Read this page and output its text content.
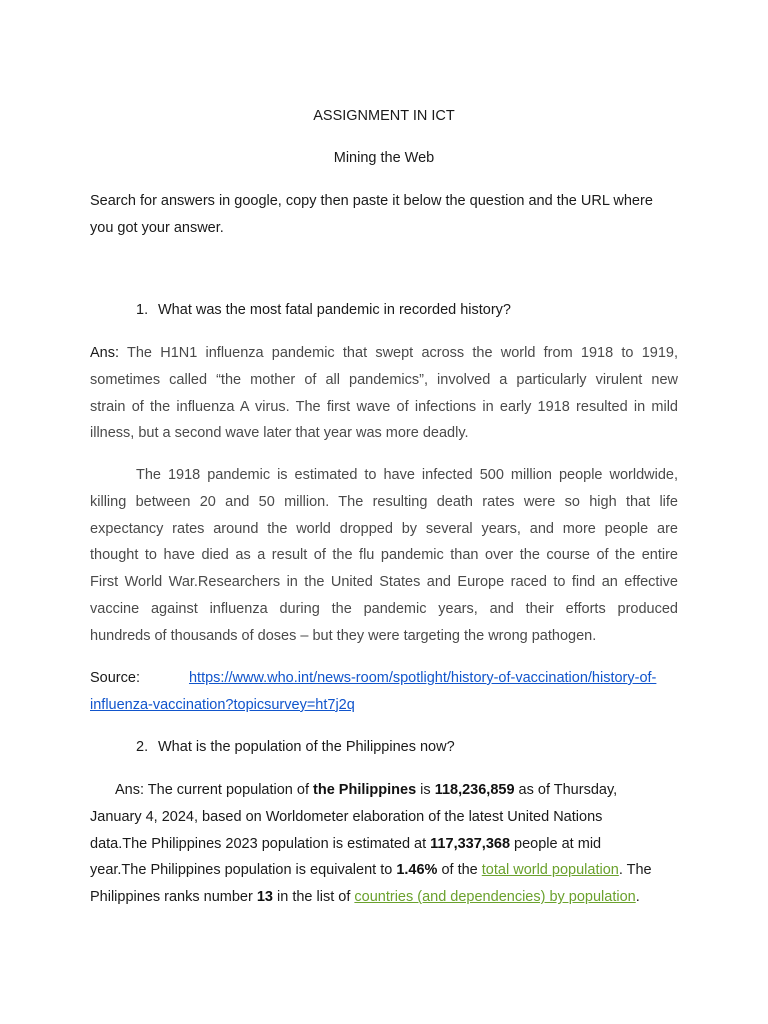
ASSIGNMENT IN ICT
Mining the Web
Search for answers in google, copy then paste it below the question and the URL where
you got your answer.
1. What was the most fatal pandemic in recorded history?
Ans: The H1N1 influenza pandemic that swept across the world from 1918 to 1919,
sometimes called “the mother of all pandemics”, involved a particularly virulent new
strain of the influenza A virus. The first wave of infections in early 1918 resulted in mild
illness, but a second wave later that year was more deadly.
The 1918 pandemic is estimated to have infected 500 million people worldwide,
killing between 20 and 50 million. The resulting death rates were so high that life
expectancy rates around the world dropped by several years, and more people are
thought to have died as a result of the flu pandemic than over the course of the entire
First World War.Researchers in the United States and Europe raced to find an effective
vaccine against influenza during the pandemic years, and their efforts produced
hundreds of thousands of doses – but they were targeting the wrong pathogen.
Source:	https://www.who.int/news-room/spotlight/history-of-vaccination/history-of-
influenza-vaccination?topicsurvey=ht7j2q
2. What is the population of the Philippines now?
Ans: The current population of the Philippines is 118,236,859 as of Thursday,
January 4, 2024, based on Worldometer elaboration of the latest United Nations
data.The Philippines 2023 population is estimated at 117,337,368 people at mid
year.The Philippines population is equivalent to 1.46% of the total world population. The
Philippines ranks number 13 in the list of countries (and dependencies) by population.
